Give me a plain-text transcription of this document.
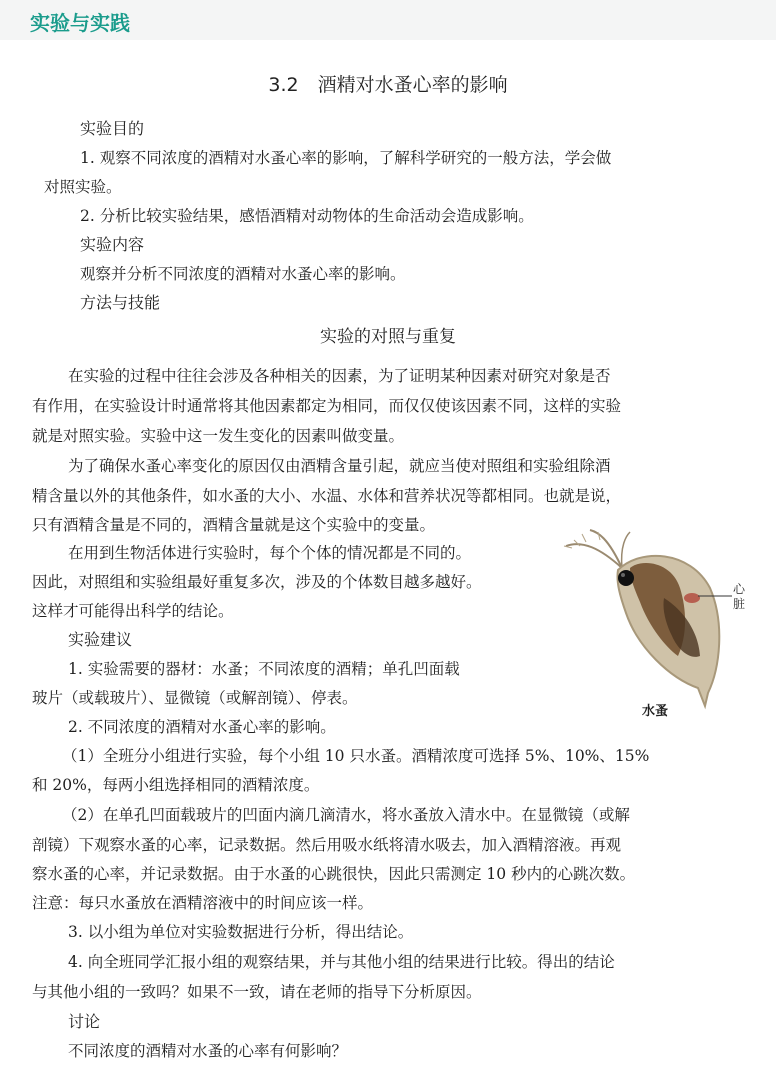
实验与实践
3.2　酒精对水蚤心率的影响
实验目的
1. 观察不同浓度的酒精对水蚤心率的影响，了解科学研究的一般方法，学会做
对照实验。
2. 分析比较实验结果，感悟酒精对动物体的生命活动会造成影响。
实验内容
观察并分析不同浓度的酒精对水蚤心率的影响。
方法与技能
实验的对照与重复
在实验的过程中往往会涉及各种相关的因素，为了证明某种因素对研究对象是否
有作用，在实验设计时通常将其他因素都定为相同，而仅仅使该因素不同，这样的实验
就是对照实验。实验中这一发生变化的因素叫做变量。
为了确保水蚤心率变化的原因仅由酒精含量引起，就应当使对照组和实验组除酒
精含量以外的其他条件，如水蚤的大小、水温、水体和营养状况等都相同。也就是说，
只有酒精含量是不同的，酒精含量就是这个实验中的变量。
在用到生物活体进行实验时，每个个体的情况都是不同的。
因此，对照组和实验组最好重复多次，涉及的个体数目越多越好。
这样才可能得出科学的结论。
实验建议
1. 实验需要的器材：水蚤；不同浓度的酒精；单孔凹面载
玻片（或载玻片）、显微镜（或解剖镜）、停表。
2. 不同浓度的酒精对水蚤心率的影响。
（1）全班分小组进行实验，每个小组 10 只水蚤。酒精浓度可选择 5%、10%、15%
和 20%，每两小组选择相同的酒精浓度。
（2）在单孔凹面载玻片的凹面内滴几滴清水，将水蚤放入清水中。在显微镜（或解
剖镜）下观察水蚤的心率，记录数据。然后用吸水纸将清水吸去，加入酒精溶液。再观
察水蚤的心率，并记录数据。由于水蚤的心跳很快，因此只需测定 10 秒内的心跳次数。
注意：每只水蚤放在酒精溶液中的时间应该一样。
3. 以小组为单位对实验数据进行分析，得出结论。
4. 向全班同学汇报小组的观察结果，并与其他小组的结果进行比较。得出的结论
与其他小组的一致吗？如果不一致，请在老师的指导下分析原因。
讨论
不同浓度的酒精对水蚤的心率有何影响？
心
脏
水蚤
